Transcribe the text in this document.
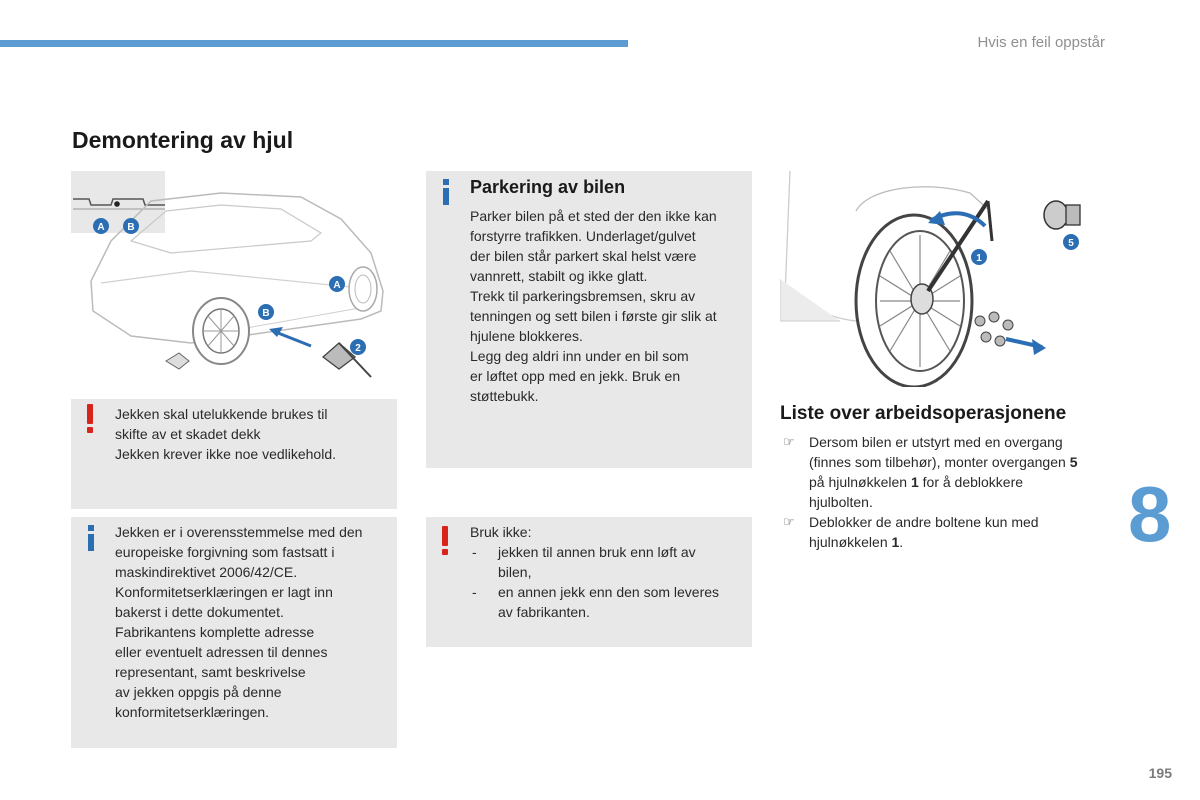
Hvis en feil oppstår
Demontering av hjul
A B
A
B
2
Jekken skal utelukkende brukes til
skifte av et skadet dekk
Jekken krever ikke noe vedlikehold.
Jekken er i overensstemmelse med den
europeiske forgivning som fastsatt i
maskindirektivet 2006/42/CE.
Konformitetserklæringen er lagt inn
bakerst i dette dokumentet.
Fabrikantens komplette adresse
eller eventuelt adressen til dennes
representant, samt beskrivelse
av jekken oppgis på denne
konformitetserklæringen.
Parkering av bilen
Parker bilen på et sted der den ikke kan
forstyrre trafikken. Underlaget/gulvet
der bilen står parkert skal helst være
vannrett, stabilt og ikke glatt.
Trekk til parkeringsbremsen, skru av
tenningen og sett bilen i første gir slik at
hjulene blokkeres.
Legg deg aldri inn under en bil som
er løftet opp med en jekk. Bruk en
støttebukk.
Bruk ikke:
- jekken til annen bruk enn løft av
bilen,
- en annen jekk enn den som leveres
av fabrikanten.
1
5
Liste over arbeidsoperasjonene
☞ Dersom bilen er utstyrt med en overgang
(finnes som tilbehør), monter overgangen 5
på hjulnøkkelen 1 for å deblokkere
hjulbolten.
☞ Deblokker de andre boltene kun med
hjulnøkkelen 1.	8
195
